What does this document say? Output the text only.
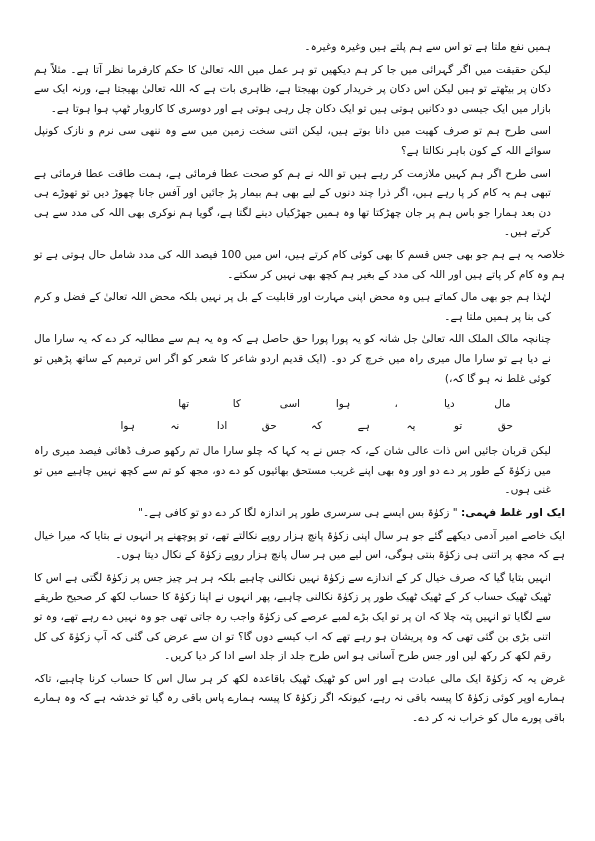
ہمیں نفع ملتا ہے تو اس سے ہم پلتے ہیں وغیرہ وغیرہ۔

لیکن حقیقت میں اگر گہرائی میں جا کر ہم دیکھیں تو ہر عمل میں اللہ تعالیٰ کا حکم کارفرما نظر آتا ہے۔ مثلاً ہم دکان پر بیٹھتے تو ہیں لیکن اس دکان پر خریدار کون بھیجتا ہے، ظاہری بات ہے کہ اللہ تعالیٰ بھیجتا ہے، ورنہ ایک سے بازار میں ایک جیسی دو دکانیں ہوتی ہیں تو ایک دکان چل رہی ہوتی ہے اور دوسری کا کاروبار ٹھپ ہوا ہوتا ہے۔

اسی طرح ہم تو صرف کھیت میں دانا بوتے ہیں، لیکن اتنی سخت زمین میں سے وہ ننھی سی نرم و نازک کونپل سوائے اللہ کے کون باہر نکالتا ہے؟

اسی طرح اگر ہم کہیں ملازمت کر رہے ہیں تو اللہ نے ہم کو صحت عطا فرمائی ہے، ہمت طاقت عطا فرمائی ہے تبھی ہم یہ کام کر پا رہے ہیں، اگر ذرا چند دنوں کے لیے بھی ہم بیمار پڑ جائیں اور آفس جانا چھوڑ دیں تو تھوڑے ہی دن بعد ہمارا جو باس ہم پر جان چھڑکتا تھا وہ ہمیں جھڑکیاں دینے لگتا ہے، گویا ہم نوکری بھی اللہ کی مدد سے ہی کرتے ہیں۔

خلاصہ یہ ہے ہم جو بھی جس قسم کا بھی کوئی کام کرتے ہیں، اس میں 100 فیصد اللہ کی مدد شامل حال ہوتی ہے تو ہم وہ کام کر پاتے ہیں اور اللہ کی مدد کے بغیر ہم کچھ بھی نہیں کر سکتے۔

لہٰذا ہم جو بھی مال کماتے ہیں وہ محض اپنی مہارت اور قابلیت کے بل پر نہیں بلکہ محض اللہ تعالیٰ کے فضل و کرم کی بنا پر ہمیں ملتا ہے۔

چنانچہ مالک الملک اللہ تعالیٰ جل شانہ کو یہ پورا پورا حق حاصل ہے کہ وہ یہ ہم سے مطالبہ کر دے کہ یہ سارا مال نے دیا ہے تو سارا مال میری راہ میں خرچ کر دو۔ (ایک قدیم اردو شاعر کا شعر کو اگر اس ترمیم کے ساتھ پڑھیں تو کوئی غلط نہ ہو گا کہ،)

مال
دیا
،
ہوا
اسی
کا
تھا
حق
تو
یہ
ہے
کہ
حق
ادا
نہ
ہوا

لیکن قربان جائیں اس ذات عالی شان کے، کہ جس نے یہ کہا کہ چلو سارا مال تم رکھو صرف ڈھائی فیصد میری راہ میں زکوٰۃ کے طور پر دے دو اور وہ بھی اپنے غریب مستحق بھائیوں کو دے دو، مجھ کو تم سے کچھ نہیں چاہیے میں تو غنی ہوں۔

ایک اور غلط فہمی: " زکوٰۃ بس ایسے ہی سرسری طور پر اندازہ لگا کر دے دو تو کافی ہے۔"

ایک خاصے امیر آدمی دیکھے گئے جو ہر سال اپنی زکوٰۃ پانچ ہزار روپے نکالتے تھے، تو پوچھنے پر انہوں نے بتایا کہ میرا خیال ہے کہ مجھ پر اتنی ہی زکوٰۃ بنتی ہوگی، اس لیے میں ہر سال پانچ ہزار روپے زکوٰۃ کے نکال دیتا ہوں۔

انہیں بتایا گیا کہ صرف خیال کر کے اندازے سے زکوٰۃ نہیں نکالنی چاہیے بلکہ ہر ہر چیز جس پر زکوٰۃ لگتی ہے اس کا ٹھیک ٹھیک حساب کر کے ٹھیک ٹھیک طور پر زکوٰۃ نکالنی چاہیے، پھر انہوں نے اپنا زکوٰۃ کا حساب لکھ کر صحیح طریقے سے لگایا تو انہیں پتہ چلا کہ ان پر تو ایک بڑے لمبے عرصے کی زکوٰۃ واجب رہ جاتی تھی جو وہ نہیں دے رہے تھے، وہ تو اتنی بڑی بن گئی تھی کہ وہ پریشان ہو رہے تھے کہ اب کیسے دوں گا؟ تو ان سے عرض کی گئی کہ آپ زکوٰۃ کی کل رقم لکھ کر رکھ لیں اور جس طرح آسانی ہو اس طرح جلد از جلد اسے ادا کر دیا کریں۔

غرض یہ کہ زکوٰۃ ایک مالی عبادت ہے اور اس کو ٹھیک ٹھیک باقاعدہ لکھ کر ہر سال اس کا حساب کرنا چاہیے، تاکہ ہمارے اوپر کوئی زکوٰۃ کا پیسہ باقی نہ رہے، کیونکہ اگر زکوٰۃ کا پیسہ ہمارے پاس باقی رہ گیا تو خدشہ ہے کہ وہ ہمارے باقی پورے مال کو خراب نہ کر دے۔
